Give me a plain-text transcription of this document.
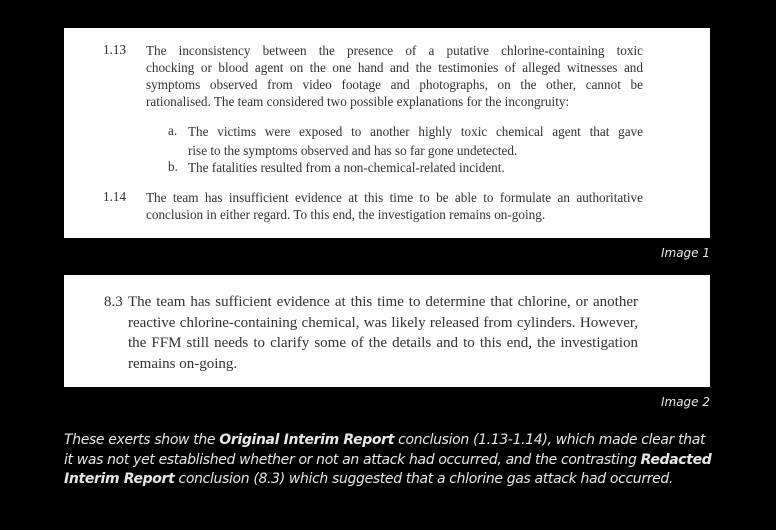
1.13 The inconsistency between the presence of a putative chlorine-containing toxic
chocking or blood agent on the one hand and the testimonies of alleged witnesses and
symptoms observed from video footage and photographs, on the other, cannot be
rationalised. The team considered two possible explanations for the incongruity:
a. The victims were exposed to another highly toxic chemical agent that gave
rise to the symptoms observed and has so far gone undetected.
b. The fatalities resulted from a non-chemical-related incident.
1.14 The team has insufficient evidence at this time to be able to formulate an authoritative
conclusion in either regard. To this end, the investigation remains on-going.
Image 1
8.3 The team has sufficient evidence at this time to determine that chlorine, or another
reactive chlorine-containing chemical, was likely released from cylinders. However,
the FFM still needs to clarify some of the details and to this end, the investigation
remains on-going.
Image 2
These exerts show the Original Interim Report conclusion (1.13-1.14), which made clear that it was not yet established whether or not an attack had occurred, and the contrasting Redacted Interim Report conclusion (8.3) which suggested that a chlorine gas attack had occurred.
